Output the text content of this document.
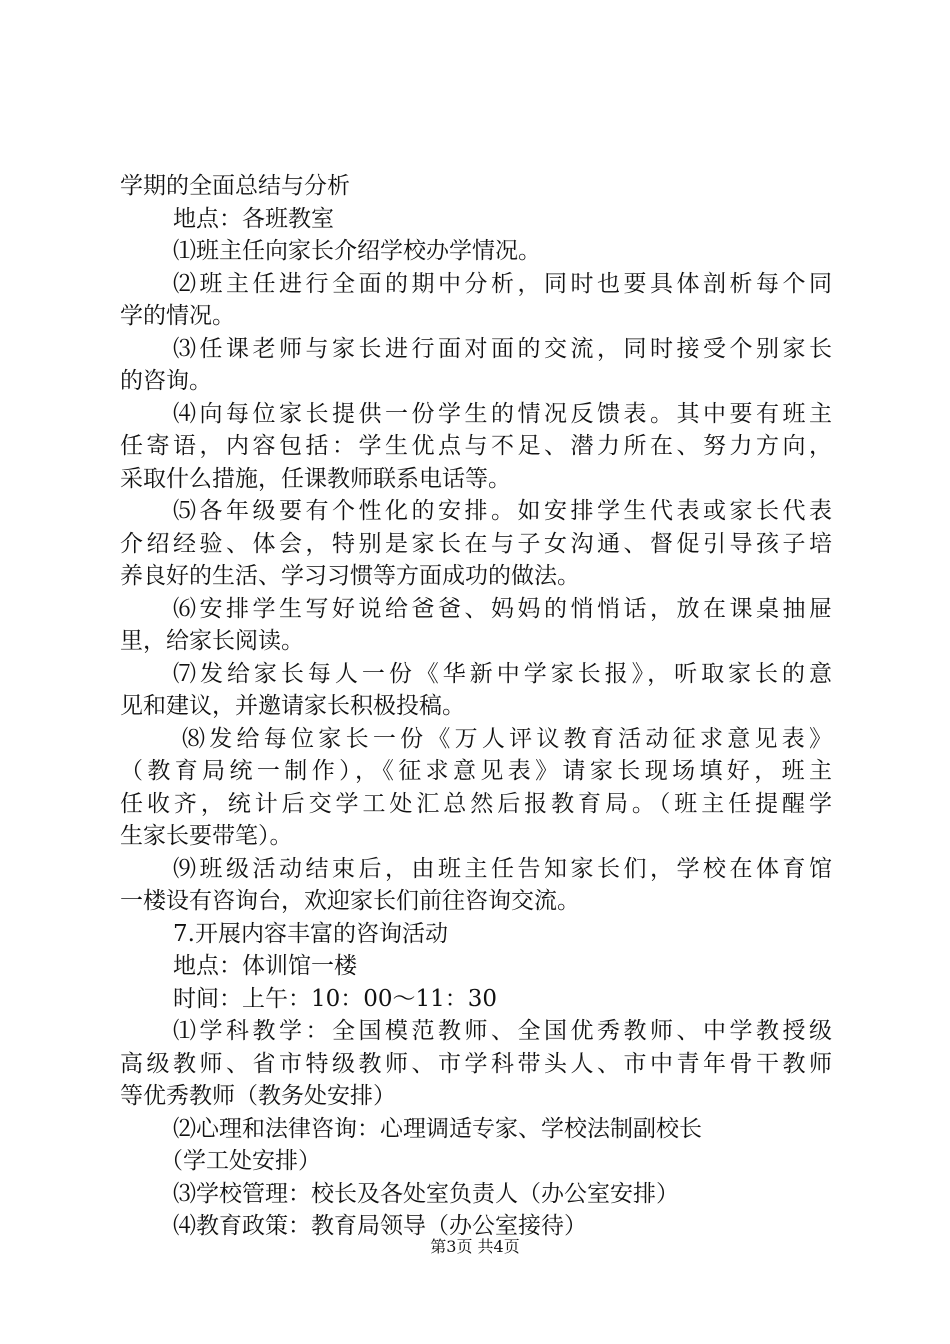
学期的全面总结与分析
地点：各班教室
⑴班主任向家长介绍学校办学情况。
⑵班主任进行全面的期中分析，同时也要具体剖析每个同
学的情况。
⑶任课老师与家长进行面对面的交流，同时接受个别家长
的咨询。
⑷向每位家长提供一份学生的情况反馈表。其中要有班主
任寄语，内容包括：学生优点与不足、潜力所在、努力方向，
采取什么措施，任课教师联系电话等。
⑸各年级要有个性化的安排。如安排学生代表或家长代表
介绍经验、体会，特别是家长在与子女沟通、督促引导孩子培
养良好的生活、学习习惯等方面成功的做法。
⑹安排学生写好说给爸爸、妈妈的悄悄话，放在课桌抽屉
里，给家长阅读。
⑺发给家长每人一份《华新中学家长报》，听取家长的意
见和建议，并邀请家长积极投稿。
⑻发给每位家长一份《万人评议教育活动征求意见表》
（教育局统一制作），《征求意见表》请家长现场填好，班主
任收齐，统计后交学工处汇总然后报教育局。（班主任提醒学
生家长要带笔）。
⑼班级活动结束后，由班主任告知家长们，学校在体育馆
一楼设有咨询台，欢迎家长们前往咨询交流。
7.开展内容丰富的咨询活动
地点：体训馆一楼
时间：上午：10：00～11：30
⑴学科教学：全国模范教师、全国优秀教师、中学教授级
高级教师、省市特级教师、市学科带头人、市中青年骨干教师
等优秀教师（教务处安排）
⑵心理和法律咨询：心理调适专家、学校法制副校长
（学工处安排）
⑶学校管理：校长及各处室负责人（办公室安排）
⑷教育政策：教育局领导（办公室接待）
第3页 共4页
